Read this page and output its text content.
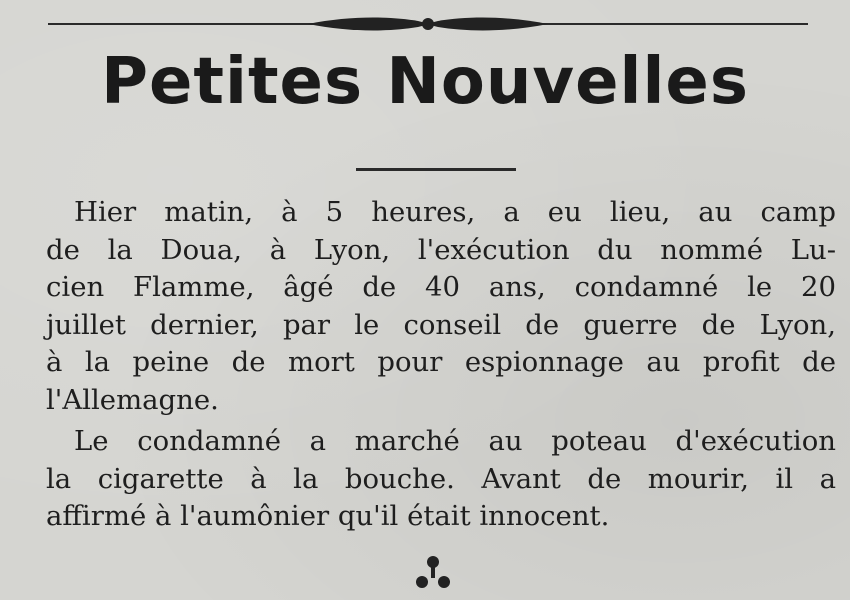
Petites Nouvelles
Hier matin, à 5 heures, a eu lieu, au camp
de la Doua, à Lyon, l'exécution du nommé Lu-
cien Flamme, âgé de 40 ans, condamné le 20
juillet dernier, par le conseil de guerre de Lyon,
à la peine de mort pour espionnage au profit de
l'Allemagne.
Le condamné a marché au poteau d'exécution
la cigarette à la bouche. Avant de mourir, il a
affirmé à l'aumônier qu'il était innocent.
